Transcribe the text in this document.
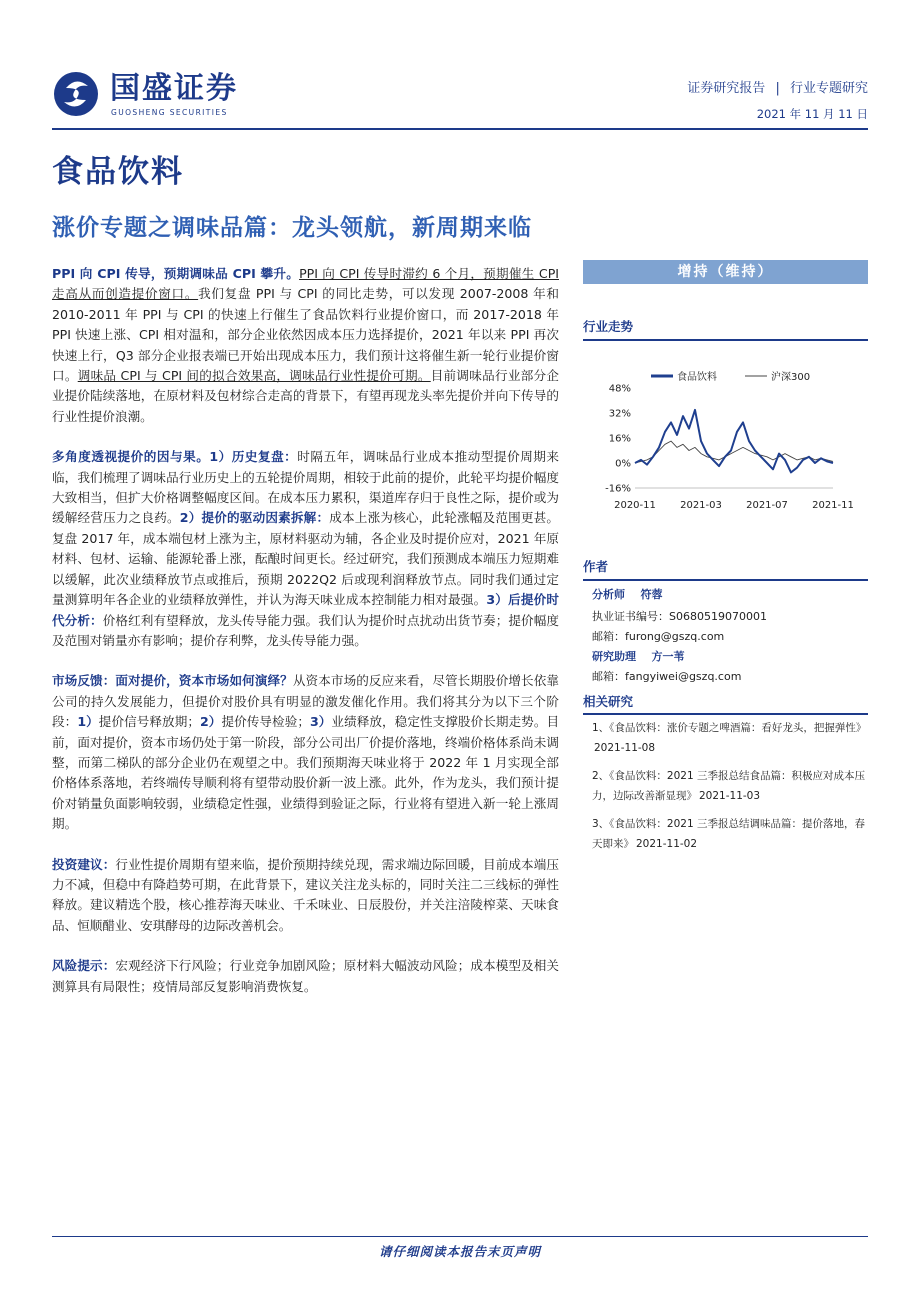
国盛证券
GUOSHENG SECURITIES
证券研究报告 | 行业专题研究
2021 年 11 月 11 日
食品饮料
涨价专题之调味品篇：龙头领航，新周期来临

PPI 向 CPI 传导，预期调味品 CPI 攀升。PPI 向 CPI 传导时滞约 6 个月，预期催生 CPI 走高从而创造提价窗口。我们复盘 PPI 与 CPI 的同比走势，可以发现 2007-2008 年和 2010-2011 年 PPI 与 CPI 的快速上行催生了食品饮料行业提价窗口，而 2017-2018 年 PPI 快速上涨、CPI 相对温和，部分企业依然因成本压力选择提价，2021 年以来 PPI 再次快速上行，Q3 部分企业报表端已开始出现成本压力，我们预计这将催生新一轮行业提价窗口。调味品 CPI 与 CPI 间的拟合效果高，调味品行业性提价可期。目前调味品行业部分企业提价陆续落地，在原材料及包材综合走高的背景下，有望再现龙头率先提价并向下传导的行业性提价浪潮。

多角度透视提价的因与果。1）历史复盘：时隔五年，调味品行业成本推动型提价周期来临，我们梳理了调味品行业历史上的五轮提价周期，相较于此前的提价，此轮平均提价幅度大致相当，但扩大价格调整幅度区间。在成本压力累积，渠道库存归于良性之际，提价或为缓解经营压力之良药。2）提价的驱动因素拆解：成本上涨为核心，此轮涨幅及范围更甚。复盘 2017 年，成本端包材上涨为主，原材料驱动为辅，各企业及时提价应对，2021 年原材料、包材、运输、能源轮番上涨，酝酿时间更长。经过研究，我们预测成本端压力短期难以缓解，此次业绩释放节点或推后，预期 2022Q2 后或现利润释放节点。同时我们通过定量测算明年各企业的业绩释放弹性，并认为海天味业成本控制能力相对最强。3）后提价时代分析：价格红利有望释放，龙头传导能力强。我们认为提价时点扰动出货节奏；提价幅度及范围对销量亦有影响；提价存利弊，龙头传导能力强。

市场反馈：面对提价，资本市场如何演绎？从资本市场的反应来看，尽管长期股价增长依靠公司的持久发展能力，但提价对股价具有明显的激发催化作用。我们将其分为以下三个阶段：1）提价信号释放期；2）提价传导检验；3）业绩释放，稳定性支撑股价长期走势。目前，面对提价，资本市场仍处于第一阶段，部分公司出厂价提价落地，终端价格体系尚未调整，而第二梯队的部分企业仍在观望之中。我们预期海天味业将于 2022 年 1 月实现全部价格体系落地，若终端传导顺利将有望带动股价新一波上涨。此外，作为龙头，我们预计提价对销量负面影响较弱，业绩稳定性强，业绩得到验证之际，行业将有望进入新一轮上涨周期。

投资建议：行业性提价周期有望来临，提价预期持续兑现，需求端边际回暖，目前成本端压力不减，但稳中有降趋势可期，在此背景下，建议关注龙头标的，同时关注二三线标的弹性释放。建议精选个股，核心推荐海天味业、千禾味业、日辰股份，并关注涪陵榨菜、天味食品、恒顺醋业、安琪酵母的边际改善机会。

风险提示：宏观经济下行风险；行业竞争加剧风险；原材料大幅波动风险；成本模型及相关测算具有局限性；疫情局部反复影响消费恢复。

增持（维持）
行业走势
食品饮料	沪深300
48%
32%
16%
0%
-16%
2020-11 2021-03 2021-07 2021-11
作者
分析师 符蓉
执业证书编号：S0680519070001
邮箱：furong@gszq.com
研究助理 方一苇
邮箱：fangyiwei@gszq.com
相关研究
1、《食品饮料：涨价专题之啤酒篇：看好龙头，把握弹性》2021-11-08
2、《食品饮料：2021 三季报总结食品篇：积极应对成本压力，边际改善渐显现》 2021-11-03
3、《食品饮料：2021 三季报总结调味品篇：提价落地，春天即来》 2021-11-02
请仔细阅读本报告末页声明
